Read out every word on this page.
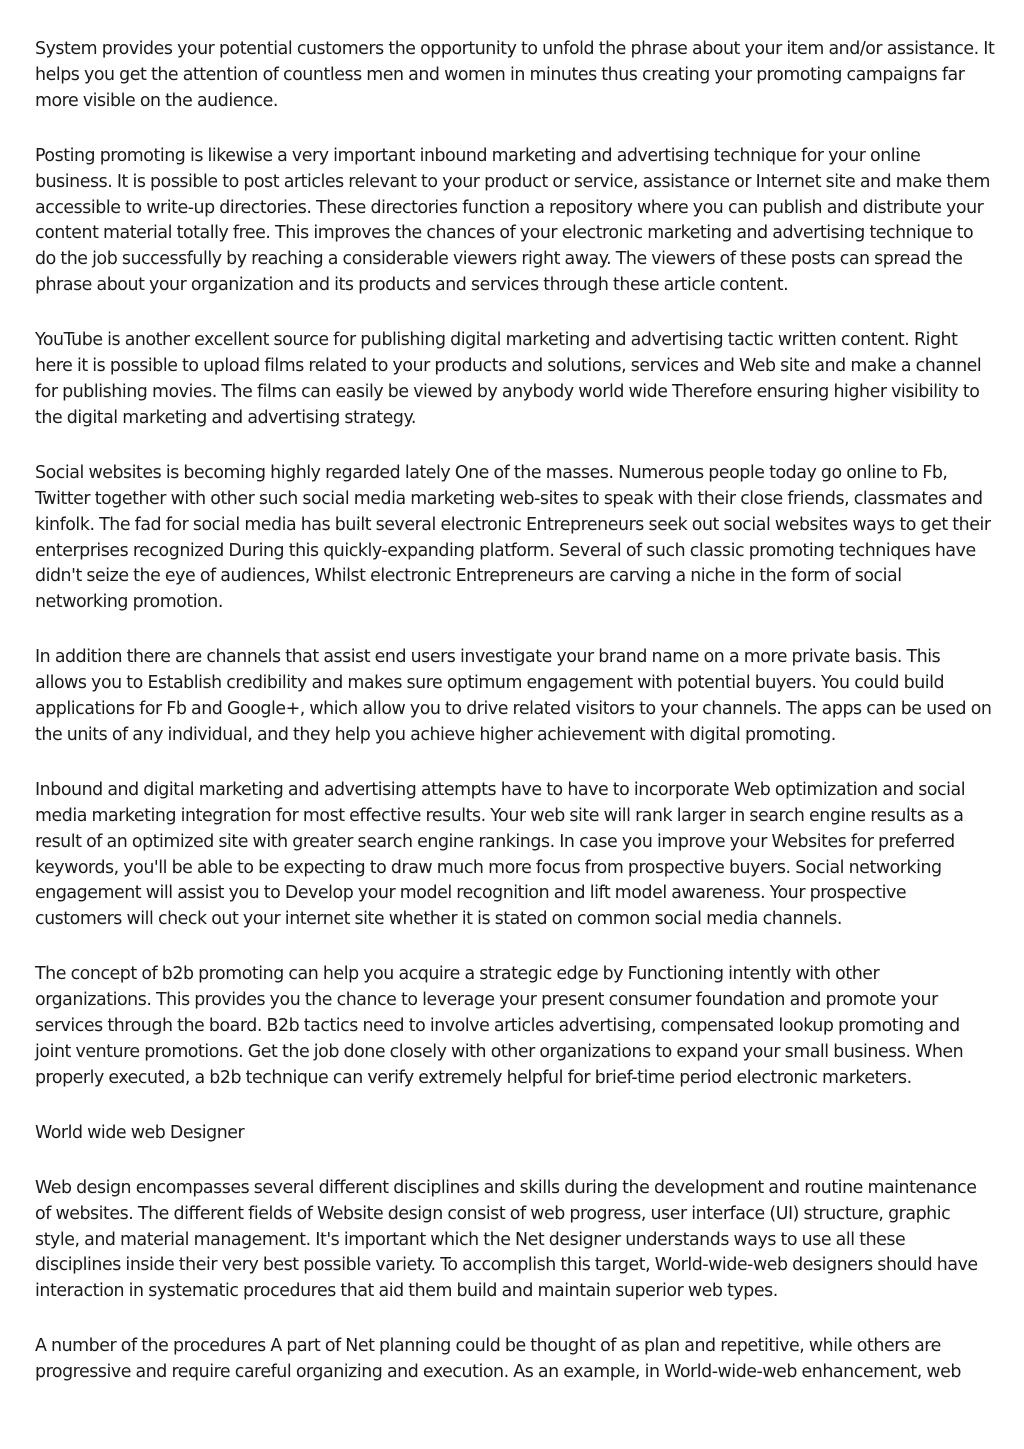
System provides your potential customers the opportunity to unfold the phrase about your item and/or assistance. It helps you get the attention of countless men and women in minutes thus creating your promoting campaigns far more visible on the audience.

Posting promoting is likewise a very important inbound marketing and advertising technique for your online business. It is possible to post articles relevant to your product or service, assistance or Internet site and make them accessible to write-up directories. These directories function a repository where you can publish and distribute your content material totally free. This improves the chances of your electronic marketing and advertising technique to do the job successfully by reaching a considerable viewers right away. The viewers of these posts can spread the phrase about your organization and its products and services through these article content.

YouTube is another excellent source for publishing digital marketing and advertising tactic written content. Right here it is possible to upload films related to your products and solutions, services and Web site and make a channel for publishing movies. The films can easily be viewed by anybody world wide Therefore ensuring higher visibility to the digital marketing and advertising strategy.

Social websites is becoming highly regarded lately One of the masses. Numerous people today go online to Fb, Twitter together with other such social media marketing web-sites to speak with their close friends, classmates and kinfolk. The fad for social media has built several electronic Entrepreneurs seek out social websites ways to get their enterprises recognized During this quickly-expanding platform. Several of such classic promoting techniques have didn't seize the eye of audiences, Whilst electronic Entrepreneurs are carving a niche in the form of social networking promotion.

In addition there are channels that assist end users investigate your brand name on a more private basis. This allows you to Establish credibility and makes sure optimum engagement with potential buyers. You could build applications for Fb and Google+, which allow you to drive related visitors to your channels. The apps can be used on the units of any individual, and they help you achieve higher achievement with digital promoting.

Inbound and digital marketing and advertising attempts have to have to incorporate Web optimization and social media marketing integration for most effective results. Your web site will rank larger in search engine results as a result of an optimized site with greater search engine rankings. In case you improve your Websites for preferred keywords, you'll be able to be expecting to draw much more focus from prospective buyers. Social networking engagement will assist you to Develop your model recognition and lift model awareness. Your prospective customers will check out your internet site whether it is stated on common social media channels.

The concept of b2b promoting can help you acquire a strategic edge by Functioning intently with other organizations. This provides you the chance to leverage your present consumer foundation and promote your services through the board. B2b tactics need to involve articles advertising, compensated lookup promoting and joint venture promotions. Get the job done closely with other organizations to expand your small business. When properly executed, a b2b technique can verify extremely helpful for brief-time period electronic marketers.

World wide web Designer

Web design encompasses several different disciplines and skills during the development and routine maintenance of websites. The different fields of Website design consist of web progress, user interface (UI) structure, graphic style, and material management. It's important which the Net designer understands ways to use all these disciplines inside their very best possible variety. To accomplish this target, World-wide-web designers should have interaction in systematic procedures that aid them build and maintain superior web types.

A number of the procedures A part of Net planning could be thought of as plan and repetitive, while others are progressive and require careful organizing and execution. As an example, in World-wide-web enhancement, web
